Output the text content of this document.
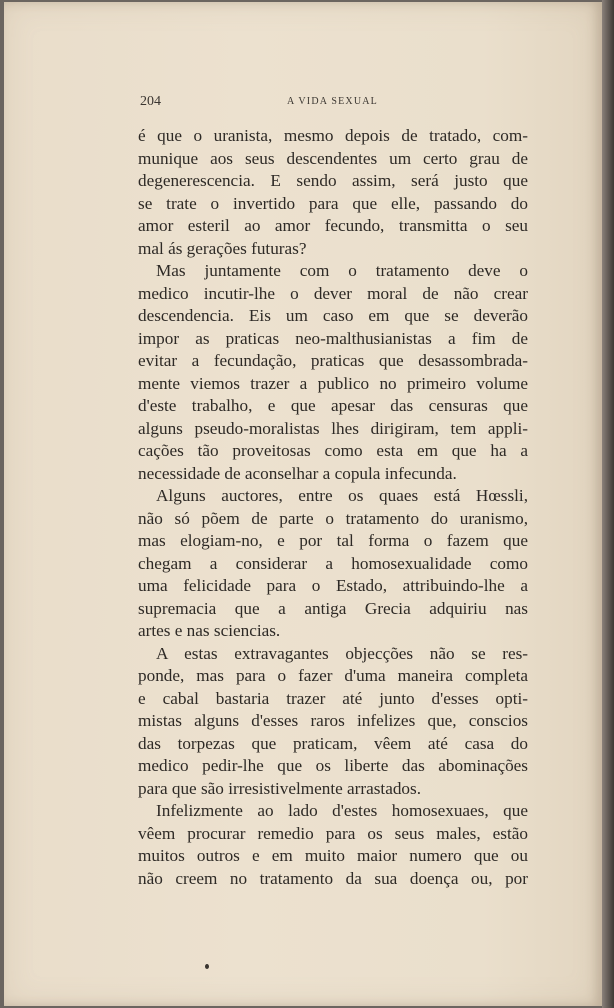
204	A VIDA SEXUAL
é que o uranista, mesmo depois de tratado, com-
munique aos seus descendentes um certo grau de
degenerescencia. E sendo assim, será justo que
se trate o invertido para que elle, passando do
amor esteril ao amor fecundo, transmitta o seu
mal ás gerações futuras?
Mas juntamente com o tratamento deve o
medico incutir-lhe o dever moral de não crear
descendencia. Eis um caso em que se deverão
impor as praticas neo-malthusianistas a fim de
evitar a fecundação, praticas que desassombrada-
mente viemos trazer a publico no primeiro volume
d'este trabalho, e que apesar das censuras que
alguns pseudo-moralistas lhes dirigiram, tem appli-
cações tão proveitosas como esta em que ha a
necessidade de aconselhar a copula infecunda.
Alguns auctores, entre os quaes está Hœssli,
não só põem de parte o tratamento do uranismo,
mas elogiam-no, e por tal forma o fazem que
chegam a considerar a homosexualidade como
uma felicidade para o Estado, attribuindo-lhe a
supremacia que a antiga Grecia adquiriu nas
artes e nas sciencias.
A estas extravagantes objecções não se res-
ponde, mas para o fazer d'uma maneira completa
e cabal bastaria trazer até junto d'esses opti-
mistas alguns d'esses raros infelizes que, conscios
das torpezas que praticam, vêem até casa do
medico pedir-lhe que os liberte das abominações
para que são irresistivelmente arrastados.
Infelizmente ao lado d'estes homosexuaes, que
vêem procurar remedio para os seus males, estão
muitos outros e em muito maior numero que ou
não creem no tratamento da sua doença ou, por
